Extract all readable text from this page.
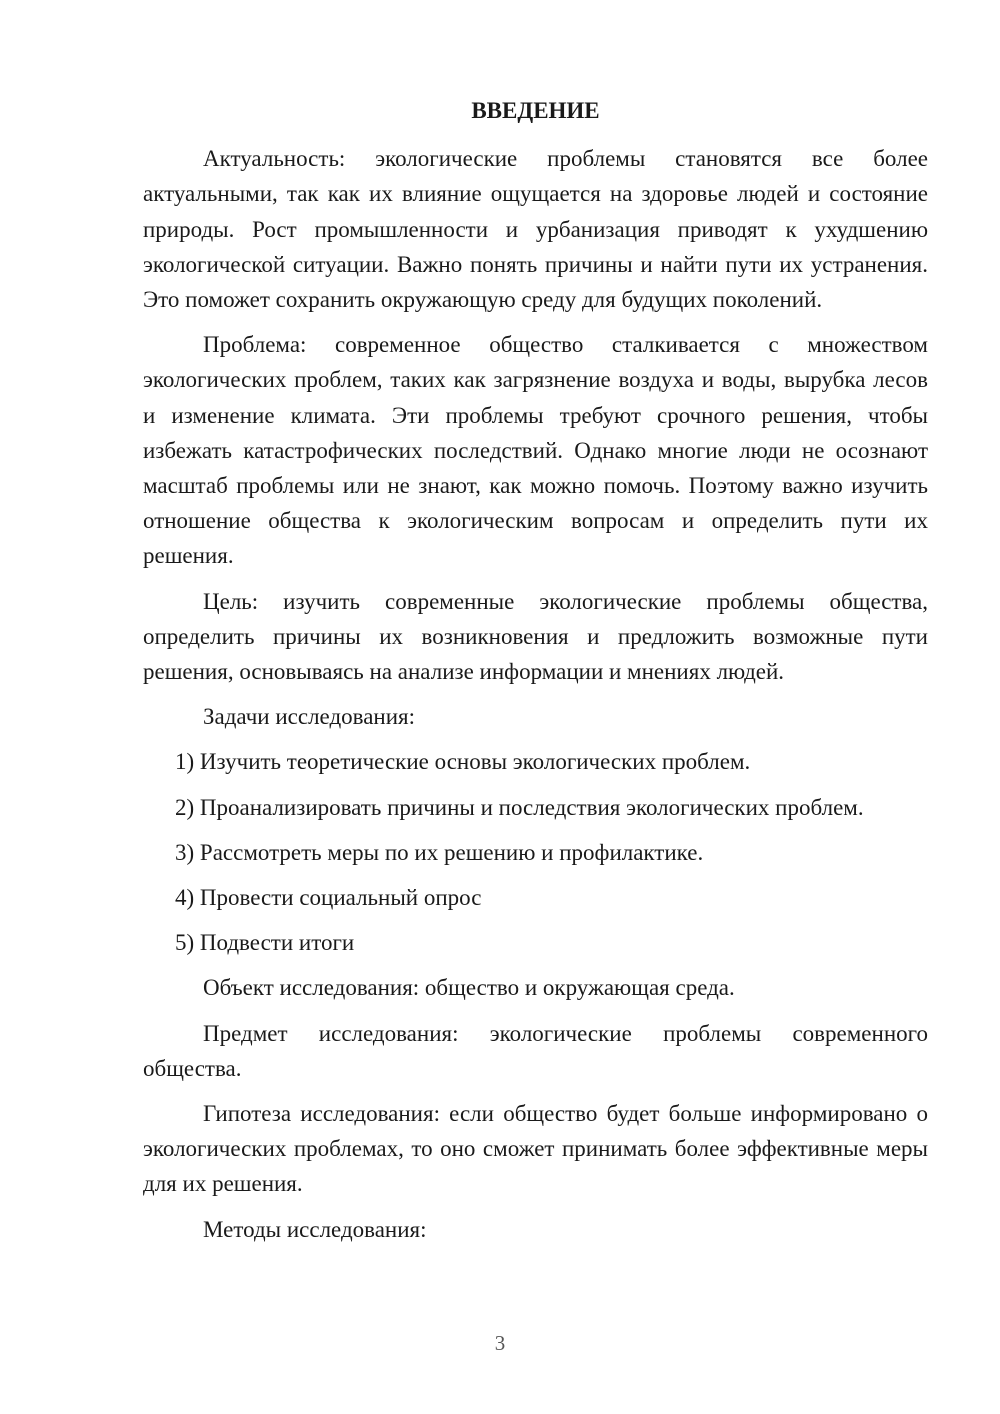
ВВЕДЕНИЕ

Актуальность: экологические проблемы становятся все более актуальными, так как их влияние ощущается на здоровье людей и состояние природы. Рост промышленности и урбанизация приводят к ухудшению экологической ситуации. Важно понять причины и найти пути их устранения. Это поможет сохранить окружающую среду для будущих поколений.

Проблема: современное общество сталкивается с множеством экологических проблем, таких как загрязнение воздуха и воды, вырубка лесов и изменение климата. Эти проблемы требуют срочного решения, чтобы избежать катастрофических последствий. Однако многие люди не осознают масштаб проблемы или не знают, как можно помочь. Поэтому важно изучить отношение общества к экологическим вопросам и определить пути их решения.

Цель: изучить современные экологические проблемы общества, определить причины их возникновения и предложить возможные пути решения, основываясь на анализе информации и мнениях людей.

Задачи исследования:

1) Изучить теоретические основы экологических проблем.

2) Проанализировать причины и последствия экологических проблем.

3) Рассмотреть меры по их решению и профилактике.

4) Провести социальный опрос

5) Подвести итоги

Объект исследования: общество и окружающая среда.

Предмет исследования: экологические проблемы современного общества.

Гипотеза исследования: если общество будет больше информировано о экологических проблемах, то оно сможет принимать более эффективные меры для их решения.

Методы исследования:

3
